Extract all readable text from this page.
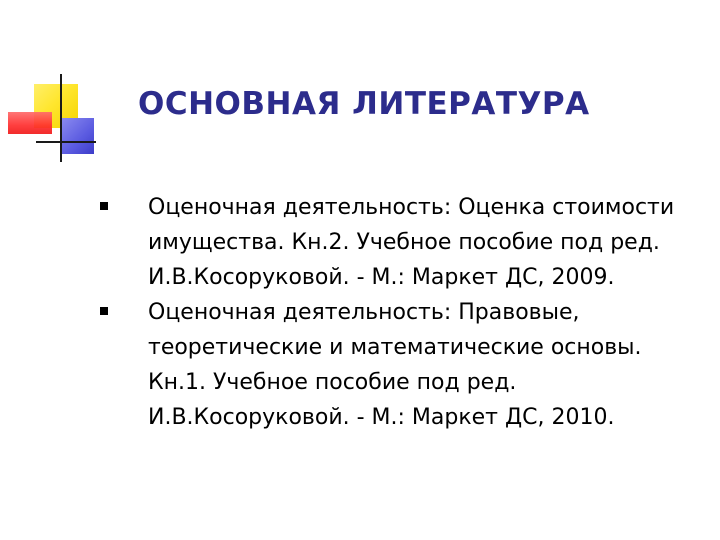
ОСНОВНАЯ ЛИТЕРАТУРА
Оценочная деятельность: Оценка стоимости имущества. Кн.2. Учебное пособие под ред. И.В.Косоруковой. - М.: Маркет ДС, 2009.
Оценочная деятельность: Правовые, теоретические и математические основы. Кн.1. Учебное пособие под ред. И.В.Косоруковой. - М.: Маркет ДС, 2010.
